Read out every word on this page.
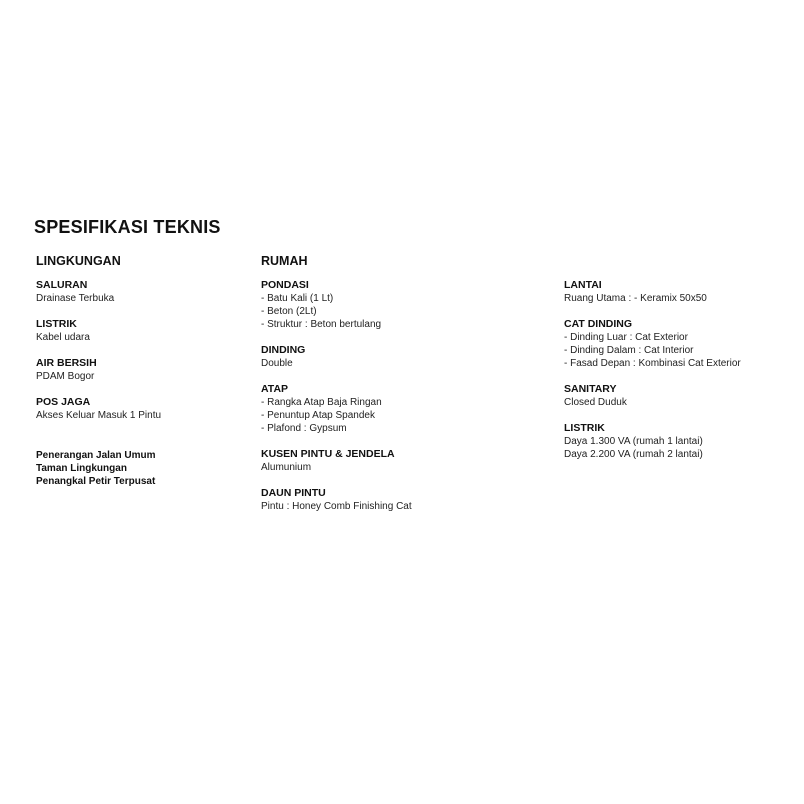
SPESIFIKASI TEKNIS
LINGKUNGAN
SALURAN
Drainase Terbuka
LISTRIK
Kabel udara
AIR BERSIH
PDAM Bogor
POS JAGA
Akses Keluar Masuk 1 Pintu
Penerangan Jalan Umum
Taman Lingkungan
Penangkal Petir Terpusat
RUMAH
PONDASI
- Batu Kali (1 Lt)
- Beton (2Lt)
- Struktur : Beton bertulang
DINDING
Double
ATAP
- Rangka Atap Baja Ringan
- Penuntup Atap Spandek
- Plafond : Gypsum
KUSEN PINTU & JENDELA
Alumunium
DAUN PINTU
Pintu : Honey Comb Finishing Cat
LANTAI
Ruang Utama : - Keramix 50x50
CAT DINDING
- Dinding Luar : Cat Exterior
- Dinding Dalam : Cat Interior
- Fasad Depan : Kombinasi Cat Exterior
SANITARY
Closed Duduk
LISTRIK
Daya 1.300 VA (rumah 1 lantai)
Daya 2.200 VA (rumah 2 lantai)
